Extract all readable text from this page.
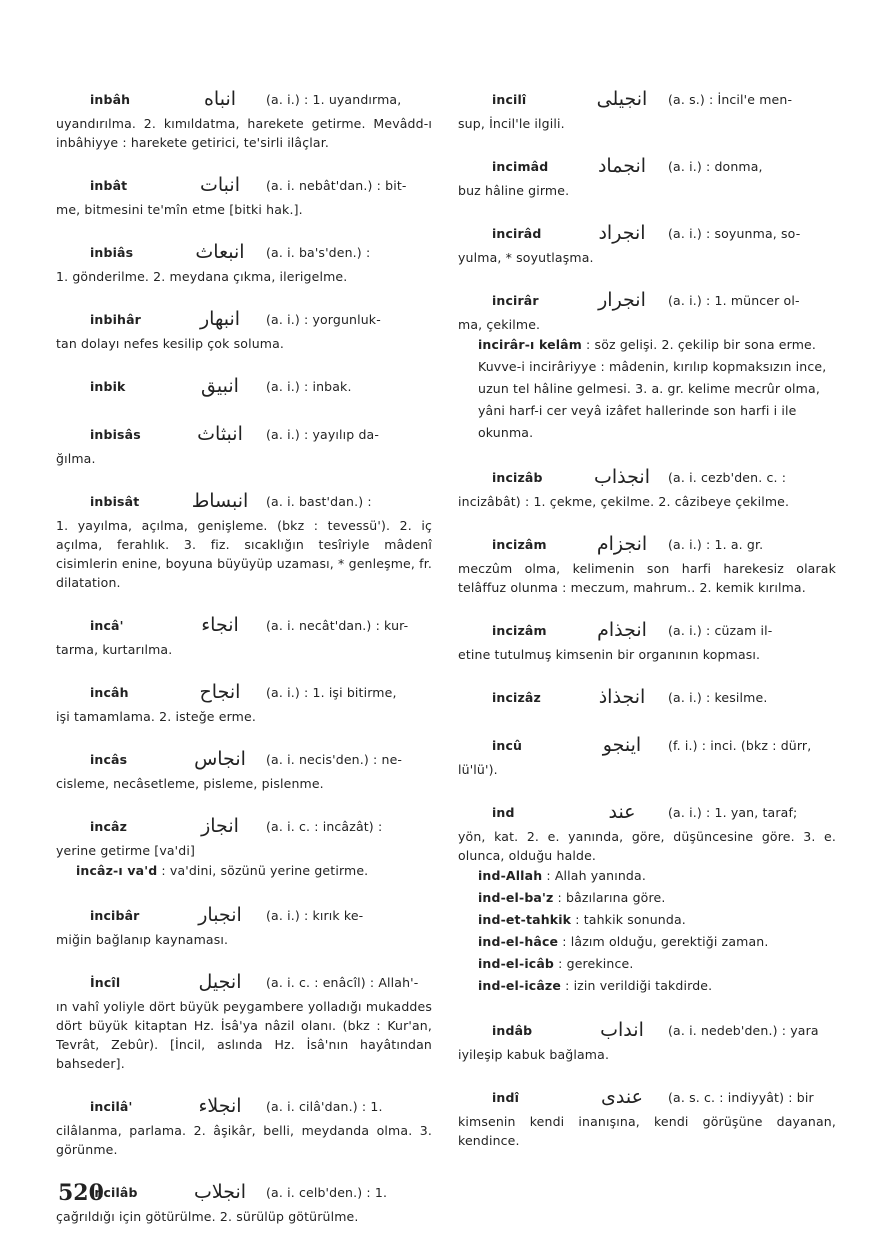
inbâh	انباه	(a. i.) : 1. uyandırma,
uyandırılma. 2. kımıldatma, harekete getirme. Mevâdd-ı inbâhiyye : harekete getirici, te'sirli ilâçlar.
inbât	انبات	(a. i. nebât'dan.) : bit-
me, bitmesini te'mîn etme [bitki hak.].
inbiâs	انبعاث	(a. i. ba's'den.) :
1. gönderilme. 2. meydana çıkma, ilerigelme.
inbihâr	انبهار	(a. i.) : yorgunluk-
tan dolayı nefes kesilip çok soluma.
inbik	انبيق	(a. i.) : inbak.
inbisâs	انبثاث	(a. i.) : yayılıp da-
ğılma.
inbisât	انبساط	(a. i. bast'dan.) :
1. yayılma, açılma, genişleme. (bkz : tevessü'). 2. iç açılma, ferahlık. 3. fiz. sıcaklığın tesîriyle mâdenî cisimlerin enine, boyuna büyüyüp uzaması, * genleşme, fr. dilatation.
incâ'	انجاء	(a. i. necât'dan.) : kur-
tarma, kurtarılma.
incâh	انجاح	(a. i.) : 1. işi bitirme,
işi tamamlama. 2. isteğe erme.
incâs	انجاس	(a. i. necis'den.) : ne-
cisleme, necâsetleme, pisleme, pislenme.
incâz	انجاز	(a. i. c. : incâzât) :
yerine getirme [va'di]
incâz-ı va'd : va'dini, sözünü yerine getirme.
incibâr	انجبار	(a. i.) : kırık ke-
miğin bağlanıp kaynaması.
İncîl	انجيل	(a. i. c. : enâcîl) : Allah'-
ın vahî yoliyle dört büyük peygambere yolladığı mukaddes dört büyük kitaptan Hz. İsâ'ya nâzil olanı. (bkz : Kur'an, Tevrât, Zebûr). [İncil, aslında Hz. İsâ'nın hayâtından bahseder].
incilâ'	انجلاء	(a. i. cilâ'dan.) : 1.
cilâlanma, parlama. 2. âşikâr, belli, meydanda olma. 3. görünme.
incilâb	انجلاب	(a. i. celb'den.) : 1.
çağrıldığı için götürülme. 2. sürülüp götürülme.
incilî	انجيلى	(a. s.) : İncil'e men-
sup, İncil'le ilgili.
incimâd	انجماد	(a. i.) : donma,
buz hâline girme.
incirâd	انجراد	(a. i.) : soyunma, so-
yulma, * soyutlaşma.
incirâr	انجرار	(a. i.) : 1. müncer ol-
ma, çekilme.
incirâr-ı kelâm : söz gelişi. 2. çekilip bir sona erme. Kuvve-i incirâriyye : mâdenin, kırılıp kopmaksızın ince, uzun tel hâline gelmesi. 3. a. gr. kelime mecrûr olma, yâni harf-i cer veyâ izâfet hallerinde son harfi i ile okunma.
incizâb	انجذاب	(a. i. cezb'den. c. :
incizâbât) : 1. çekme, çekilme. 2. câzibeye çekilme.
incizâm	انجزام	(a. i.) : 1. a. gr.
meczûm olma, kelimenin son harfi harekesiz olarak telâffuz olunma : meczum, mahrum.. 2. kemik kırılma.
incizâm	انجذام	(a. i.) : cüzam il-
etine tutulmuş kimsenin bir organının kopması.
incizâz	انجذاذ	(a. i.) : kesilme.
incû	اينجو	(f. i.) : inci. (bkz : dürr,
lü'lü').
ind	عند	(a. i.) : 1. yan, taraf;
yön, kat. 2. e. yanında, göre, düşüncesine göre. 3. e. olunca, olduğu halde.
ind-Allah : Allah yanında.
ind-el-ba'z : bâzılarına göre.
ind-et-tahkik : tahkik sonunda.
ind-el-hâce : lâzım olduğu, gerektiği zaman.
ind-el-icâb : gerekince.
ind-el-icâze : izin verildiği takdirde.
indâb	انداب	(a. i. nedeb'den.) : yara
iyileşip kabuk bağlama.
indî	عندى	(a. s. c. : indiyyât) : bir
kimsenin kendi inanışına, kendi görüşüne dayanan, kendince.
520
